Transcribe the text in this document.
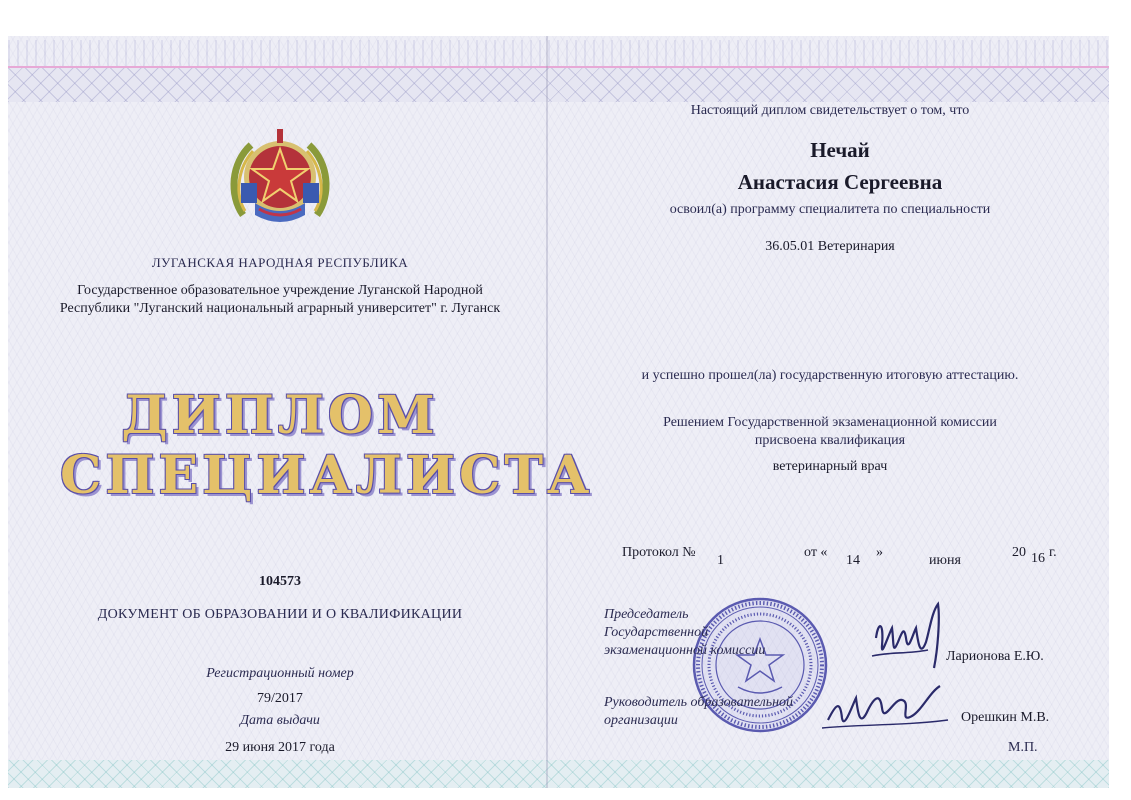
ЛУГАНСКАЯ НАРОДНАЯ РЕСПУБЛИКА
Государственное образовательное учреждение Луганской Народной
Республики "Луганский национальный аграрный университет" г. Луганск
ДИПЛОМ
СПЕЦИАЛИСТА
104573
ДОКУМЕНТ ОБ ОБРАЗОВАНИИ И О КВАЛИФИКАЦИИ
Регистрационный номер
79/2017
Дата выдачи
29 июня 2017 года
Настоящий диплом свидетельствует о том, что
Нечай
Анастасия Сергеевна
освоил(а) программу специалитета по специальности
36.05.01 Ветеринария
и успешно прошел(ла) государственную итоговую аттестацию.
Решением Государственной экзаменационной комиссии
присвоена квалификация
ветеринарный врач
Протокол №
1
от «
14
»
июня
20 16 г.
Председатель
Государственной
экзаменационной комиссии	Ларионова Е.Ю.
Руководитель образовательной
организации	Орешкин М.В.
М.П.
